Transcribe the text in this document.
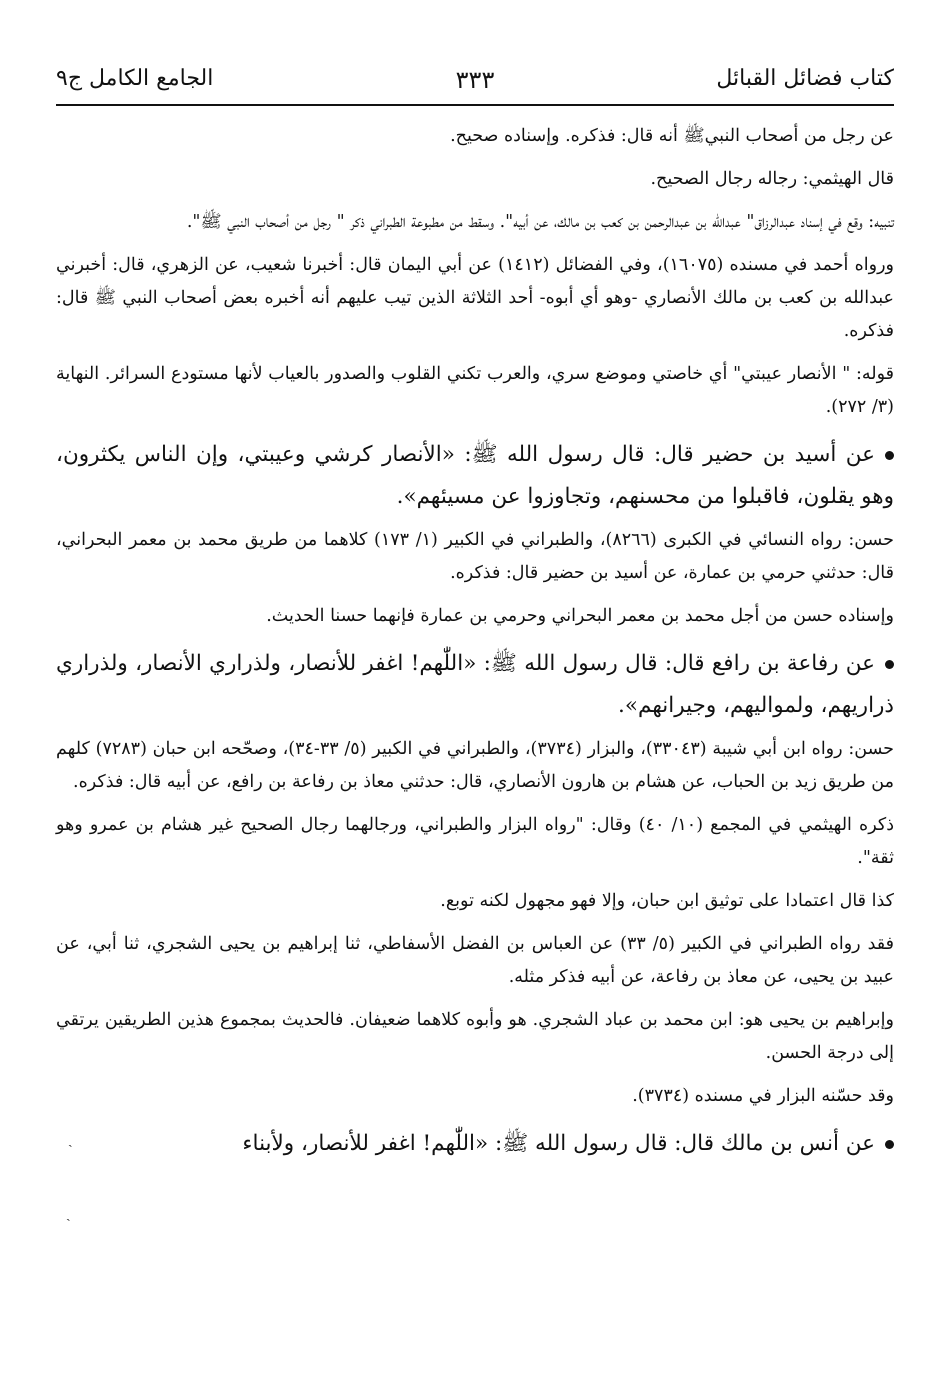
كتاب فضائل القبائل
٣٣٣
الجامع الكامل ج٩

عن رجل من أصحاب النبيﷺ أنه قال: فذكره. وإسناده صحيح.

قال الهيثمي: رجاله رجال الصحيح.

تنبيه: وقع في إسناد عبدالرزاق" عبدالله بن عبدالرحمن بن كعب بن مالك، عن أبيه". وسقط من مطبوعة الطبراني ذكر " رجل من أصحاب النبي ﷺ".

ورواه أحمد في مسنده (١٦٠٧٥)، وفي الفضائل (١٤١٢) عن أبي اليمان قال: أخبرنا شعيب، عن الزهري، قال: أخبرني عبدالله بن كعب بن مالك الأنصاري -وهو أي أبوه- أحد الثلاثة الذين تيب عليهم أنه أخبره بعض أصحاب النبي ﷺ قال: فذكره.

قوله: " الأنصار عيبتي" أي خاصتي وموضع سري، والعرب تكني القلوب والصدور بالعياب لأنها مستودع السرائر. النهاية (٣/ ٢٧٢).

عن أسيد بن حضير قال: قال رسول الله ﷺ: «الأنصار كرشي وعيبتي، وإن الناس يكثرون، وهو يقلون، فاقبلوا من محسنهم، وتجاوزوا عن مسيئهم».

حسن: رواه النسائي في الكبرى (٨٢٦٦)، والطبراني في الكبير (١/ ١٧٣) كلاهما من طريق محمد بن معمر البحراني، قال: حدثني حرمي بن عمارة، عن أسيد بن حضير قال: فذكره.

وإسناده حسن من أجل محمد بن معمر البحراني وحرمي بن عمارة فإنهما حسنا الحديث.

عن رفاعة بن رافع قال: قال رسول الله ﷺ: «اللّٰهم! اغفر للأنصار، ولذراري الأنصار، ولذراري ذراريهم، ولمواليهم، وجيرانهم».

حسن: رواه ابن أبي شيبة (٣٣٠٤٣)، والبزار (٣٧٣٤)، والطبراني في الكبير (٥/ ٣٣-٣٤)، وصحّحه ابن حبان (٧٢٨٣) كلهم من طريق زيد بن الحباب، عن هشام بن هارون الأنصاري، قال: حدثني معاذ بن رفاعة بن رافع، عن أبيه قال: فذكره.

ذكره الهيثمي في المجمع (١٠/ ٤٠) وقال: "رواه البزار والطبراني، ورجالهما رجال الصحيح غير هشام بن عمرو وهو ثقة".

كذا قال اعتمادا على توثيق ابن حبان، وإلا فهو مجهول لكنه توبع.

فقد رواه الطبراني في الكبير (٥/ ٣٣) عن العباس بن الفضل الأسفاطي، ثنا إبراهيم بن يحيى الشجري، ثنا أبي، عن عبيد بن يحيى، عن معاذ بن رفاعة، عن أبيه فذكر مثله.

وإبراهيم بن يحيى هو: ابن محمد بن عباد الشجري. هو وأبوه كلاهما ضعيفان. فالحديث بمجموع هذين الطريقين يرتقي إلى درجة الحسن.

وقد حسّنه البزار في مسنده (٣٧٣٤).

عن أنس بن مالك قال: قال رسول الله ﷺ: «اللّٰهم! اغفر للأنصار، ولأبناء

ˎ
ˎ
